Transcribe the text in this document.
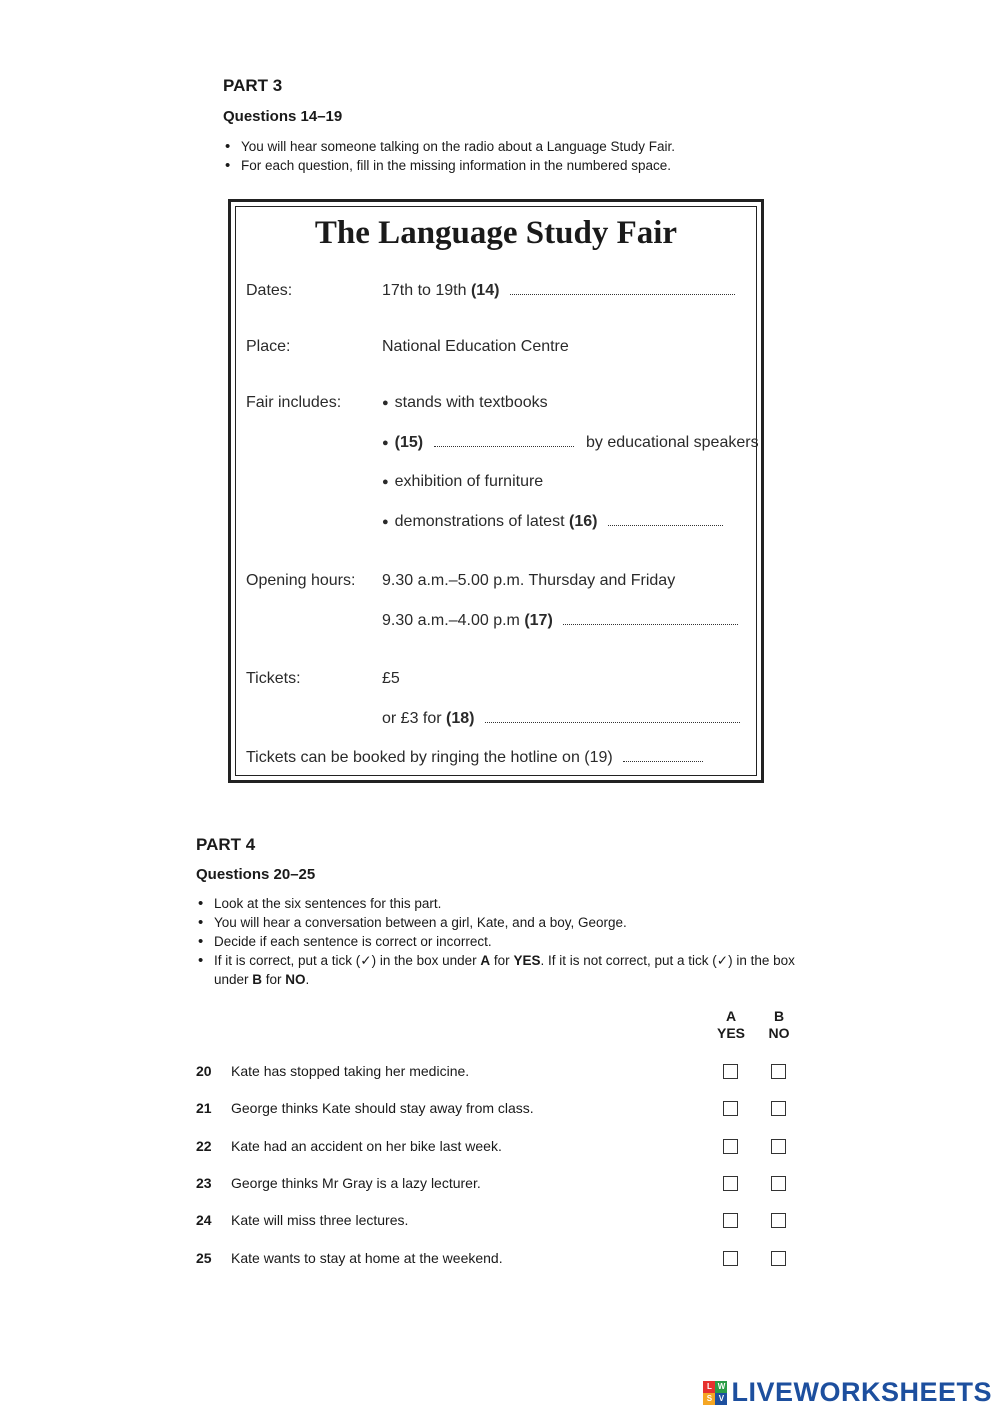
PART 3
Questions 14–19
• You will hear someone talking on the radio about a Language Study Fair.
• For each question, fill in the missing information in the numbered space.
The Language Study Fair
Dates:	17th to 19th (14)
Place:	National Education Centre
Fair includes:
●	stands with textbooks
● (15)	by educational speakers
● exhibition of furniture
● demonstrations of latest (16)
Opening hours: 9.30 a.m.–5.00 p.m. Thursday and Friday
9.30 a.m.–4.00 p.m (17)
Tickets:	£5
or £3 for (18)
Tickets can be booked by ringing the hotline on (19)
PART 4
Questions 20–25
• Look at the six sentences for this part.
• You will hear a conversation between a girl, Kate, and a boy, George.
• Decide if each sentence is correct or incorrect.
• If it is correct, put a tick (✓) in the box under A for YES. If it is not correct, put a tick (✓) in the box under B for NO.
A
YES
B
NO
20 Kate has stopped taking her medicine.
21 George thinks Kate should stay away from class.
22 Kate had an accident on her bike last week.
23 George thinks Mr Gray is a lazy lecturer.
24 Kate will miss three lectures.
25 Kate wants to stay at home at the weekend.
L W
S V LIVEWORKSHEETS
